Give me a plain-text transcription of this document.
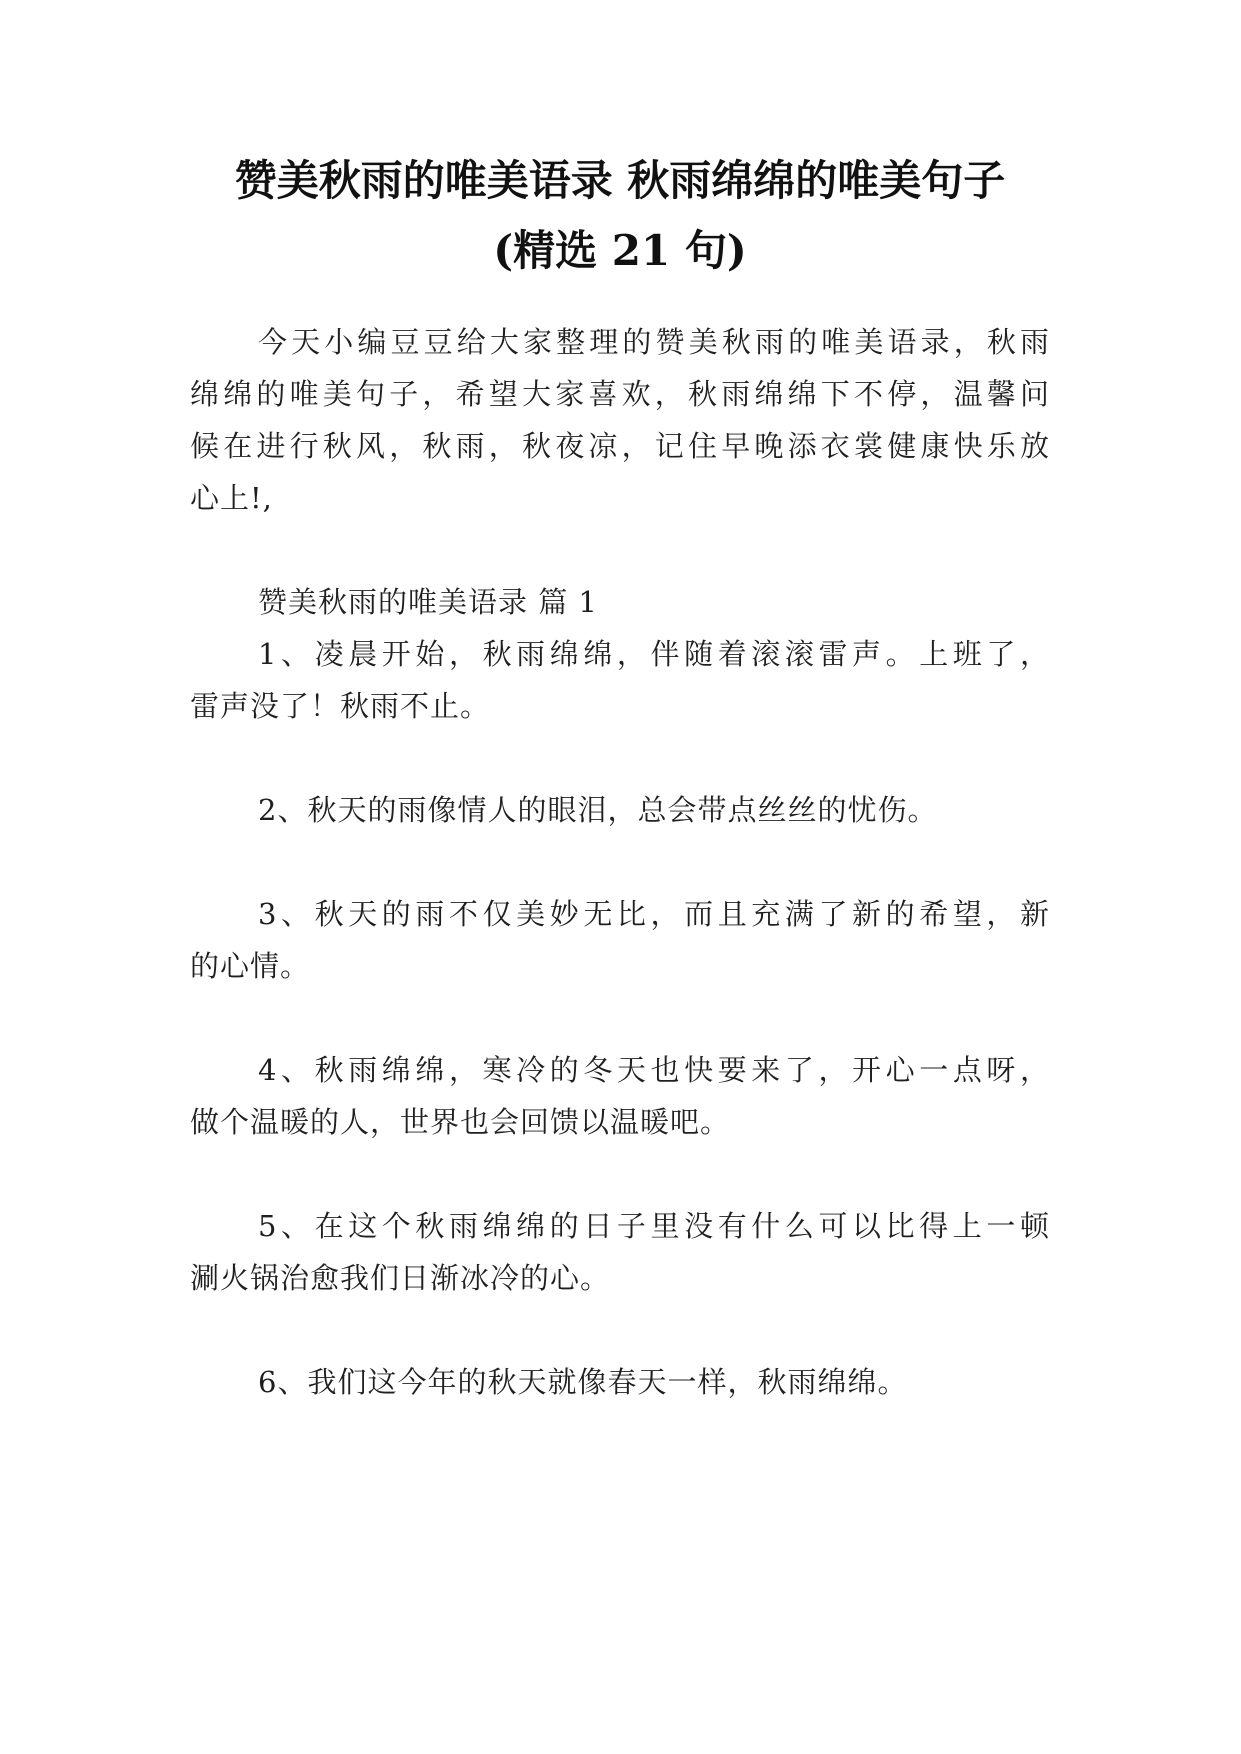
赞美秋雨的唯美语录 秋雨绵绵的唯美句子
(精选 21 句)
今天小编豆豆给大家整理的赞美秋雨的唯美语录，秋雨
绵绵的唯美句子，希望大家喜欢，秋雨绵绵下不停，温馨问
候在进行秋风，秋雨，秋夜凉，记住早晚添衣裳健康快乐放
心上!,
赞美秋雨的唯美语录 篇 1
1、凌晨开始，秋雨绵绵，伴随着滚滚雷声。上班了，
雷声没了！秋雨不止。
2、秋天的雨像情人的眼泪，总会带点丝丝的忧伤。
3、秋天的雨不仅美妙无比，而且充满了新的希望，新
的心情。
4、秋雨绵绵，寒冷的冬天也快要来了，开心一点呀，
做个温暖的人，世界也会回馈以温暖吧。
5、在这个秋雨绵绵的日子里没有什么可以比得上一顿
涮火锅治愈我们日渐冰冷的心。
6、我们这今年的秋天就像春天一样，秋雨绵绵。
